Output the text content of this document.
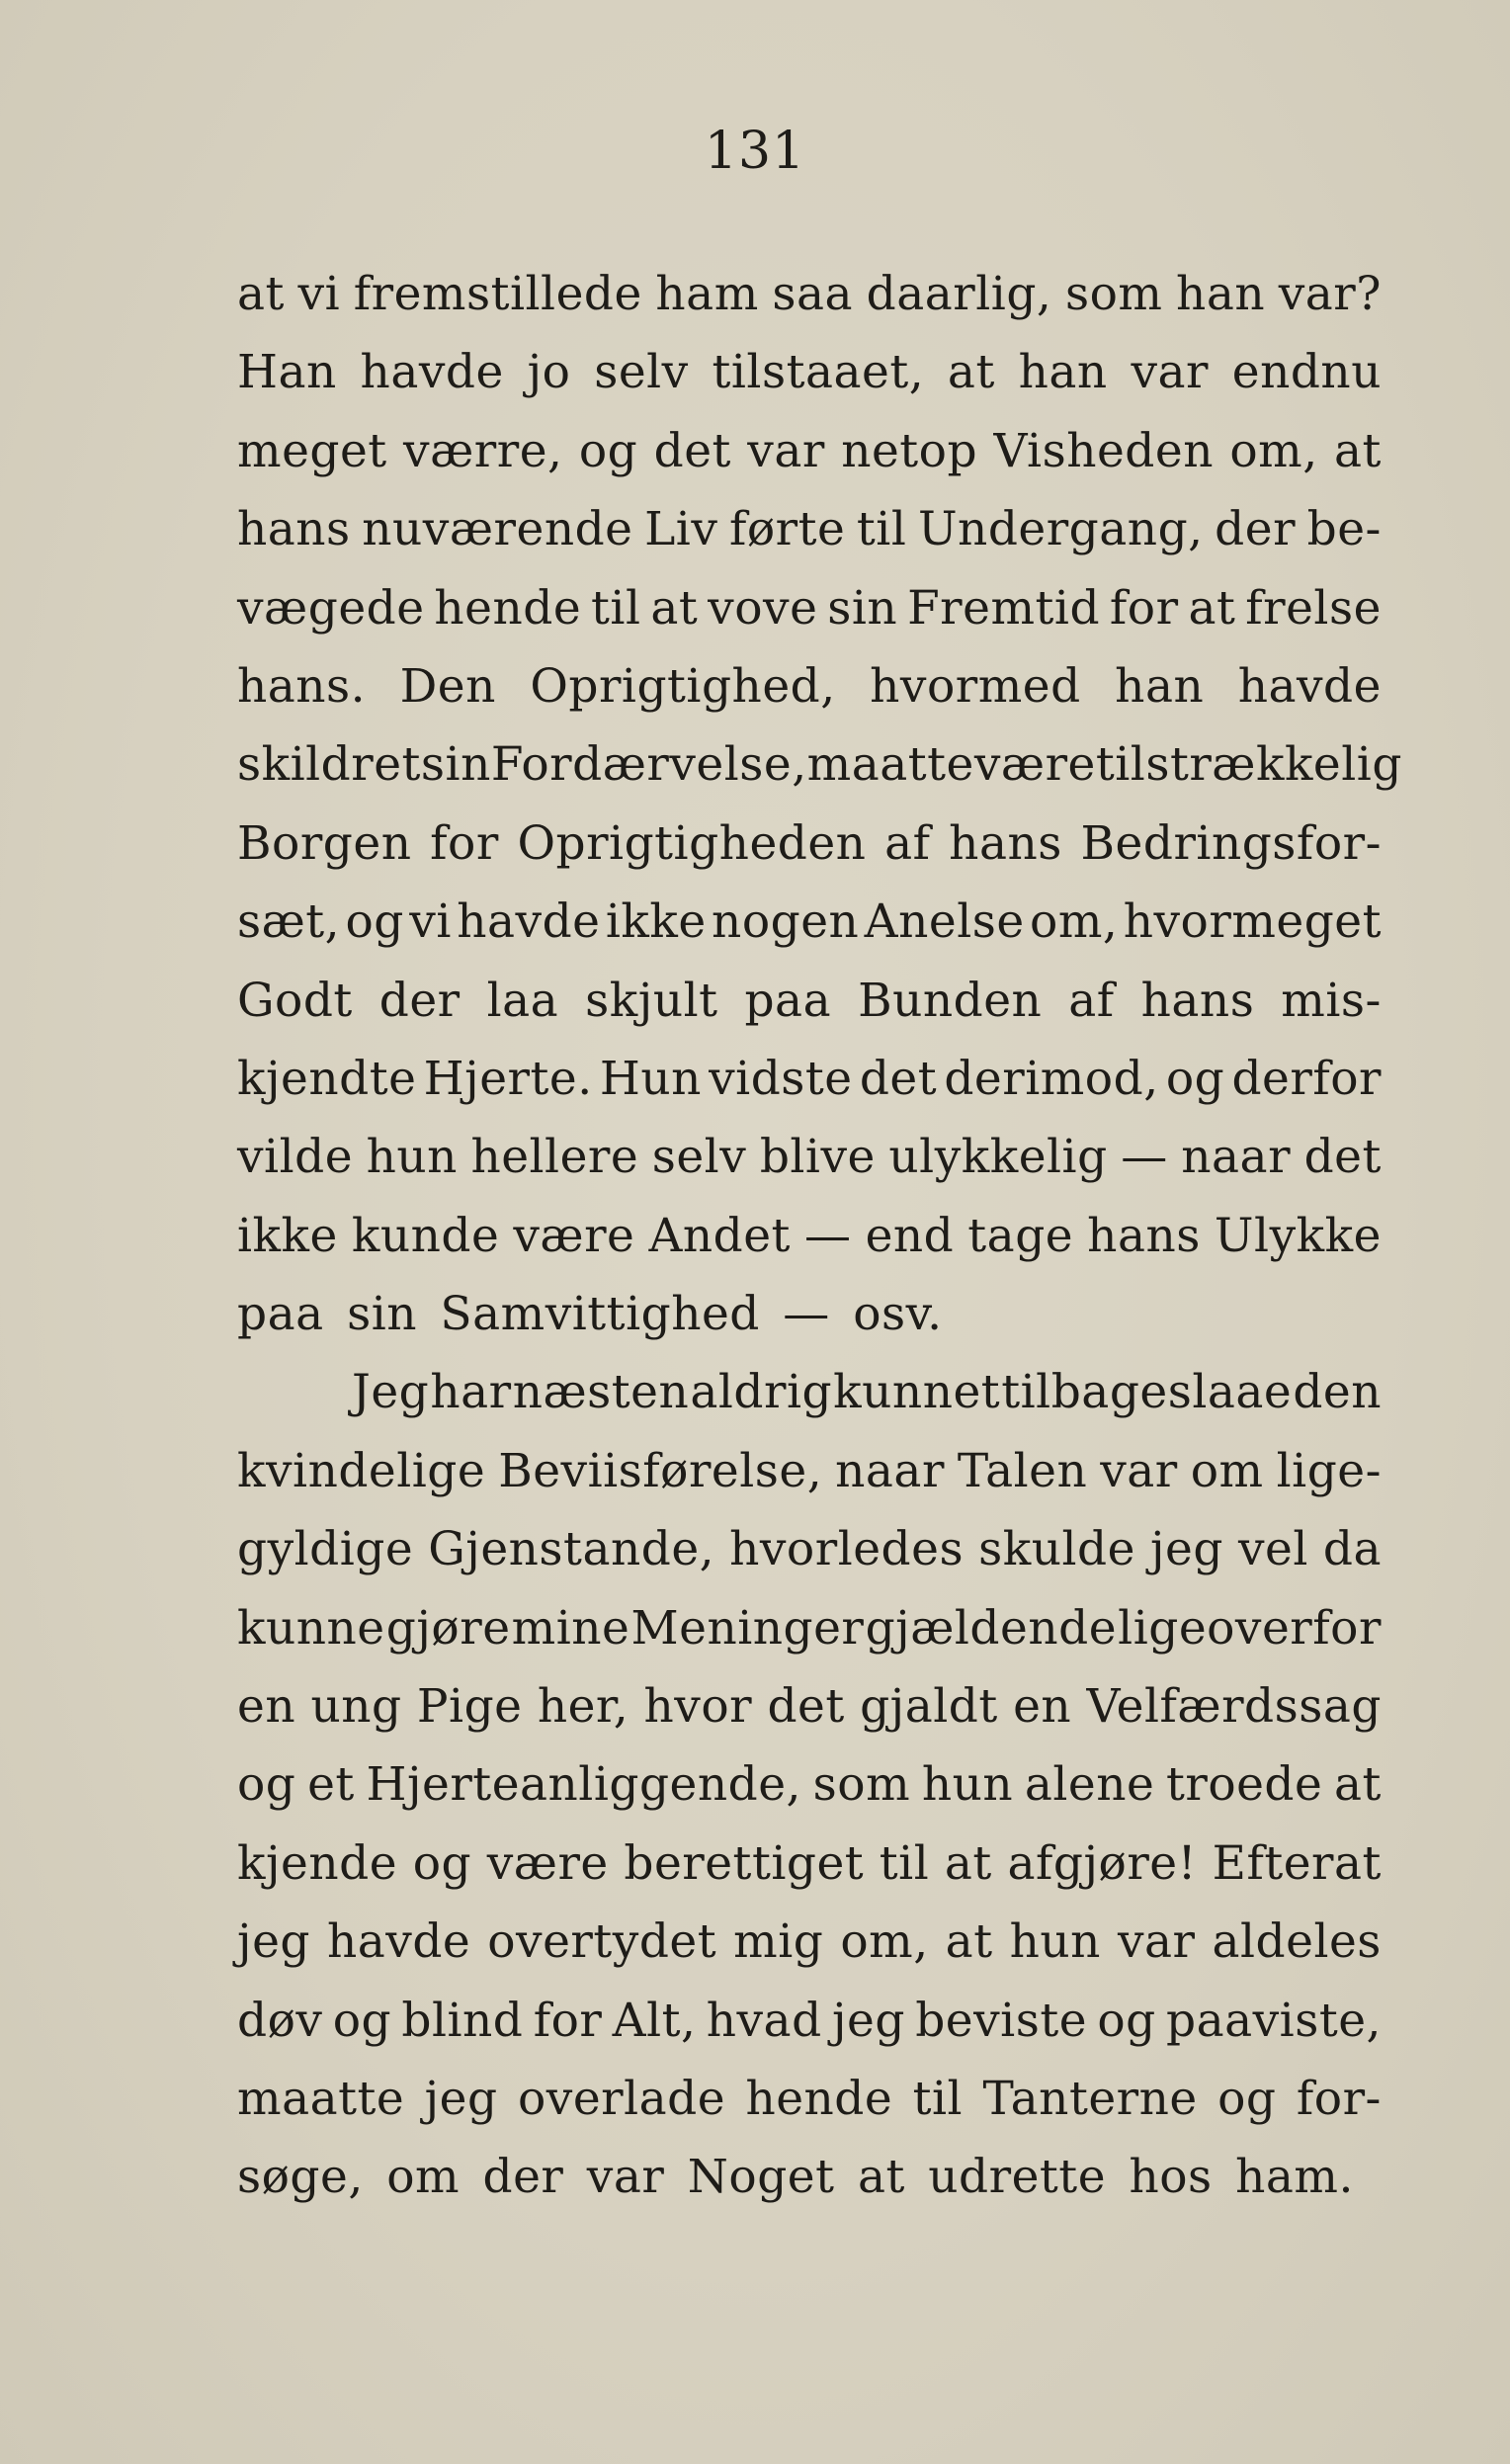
131
at vi fremstillede ham saa daarlig, som han var?
Han havde jo selv tilstaaet, at han var endnu
meget værre, og det var netop Visheden om, at
hans nuværende Liv førte til Undergang, der be-
vægede hende til at vove sin Fremtid for at frelse
hans. Den Oprigtighed, hvormed han havde
skildret sin Fordærvelse, maatte være tilstrækkelig
Borgen for Oprigtigheden af hans Bedringsfor-
sæt, og vi havde ikke nogen Anelse om, hvormeget
Godt der laa skjult paa Bunden af hans mis-
kjendte Hjerte. Hun vidste det derimod, og derfor
vilde hun hellere selv blive ulykkelig — naar det
ikke kunde være Andet — end tage hans Ulykke
paa sin Samvittighed — osv.
Jeg har næsten aldrig kunnet tilbageslaae den
kvindelige Beviisførelse, naar Talen var om lige-
gyldige Gjenstande, hvorledes skulde jeg vel da
kunne gjøre mine Meninger gjældende ligeoverfor
en ung Pige her, hvor det gjaldt en Velfærdssag
og et Hjerteanliggende, som hun alene troede at
kjende og være berettiget til at afgjøre! Efterat
jeg havde overtydet mig om, at hun var aldeles
døv og blind for Alt, hvad jeg beviste og paaviste,
maatte jeg overlade hende til Tanterne og for-
søge, om der var Noget at udrette hos ham.
